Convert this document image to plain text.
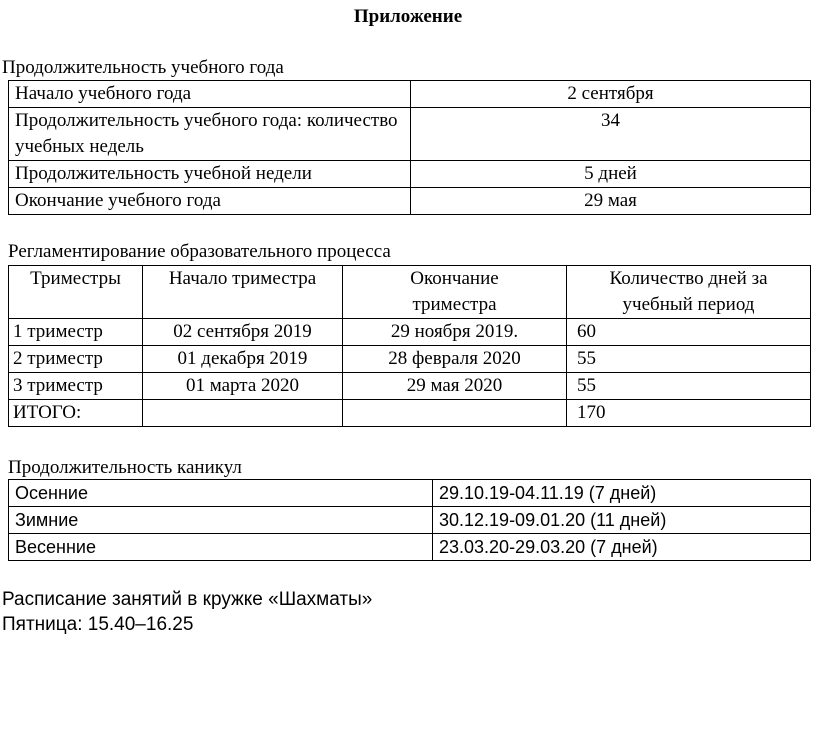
Приложение
Продолжительность учебного года
Начало учебного года	2 сентября
Продолжительность учебного года: количество учебных недель	34
Продолжительность учебной недели	5 дней
Окончание учебного года	29 мая
Регламентирование образовательного процесса
Триместры	Начало триместра	Окончание триместра	Количество дней за учебный период
1 триместр	02 сентября 2019	29 ноября 2019.	60
2 триместр	01 декабря 2019	28 февраля 2020	55
3 триместр	01 марта 2020	29 мая 2020	55
ИТОГО:			170
Продолжительность каникул
Осенние	29.10.19-04.11.19 (7 дней)
Зимние	30.12.19-09.01.20 (11 дней)
Весенние	23.03.20-29.03.20 (7 дней)
Расписание занятий в кружке «Шахматы»
Пятница: 15.40–16.25
